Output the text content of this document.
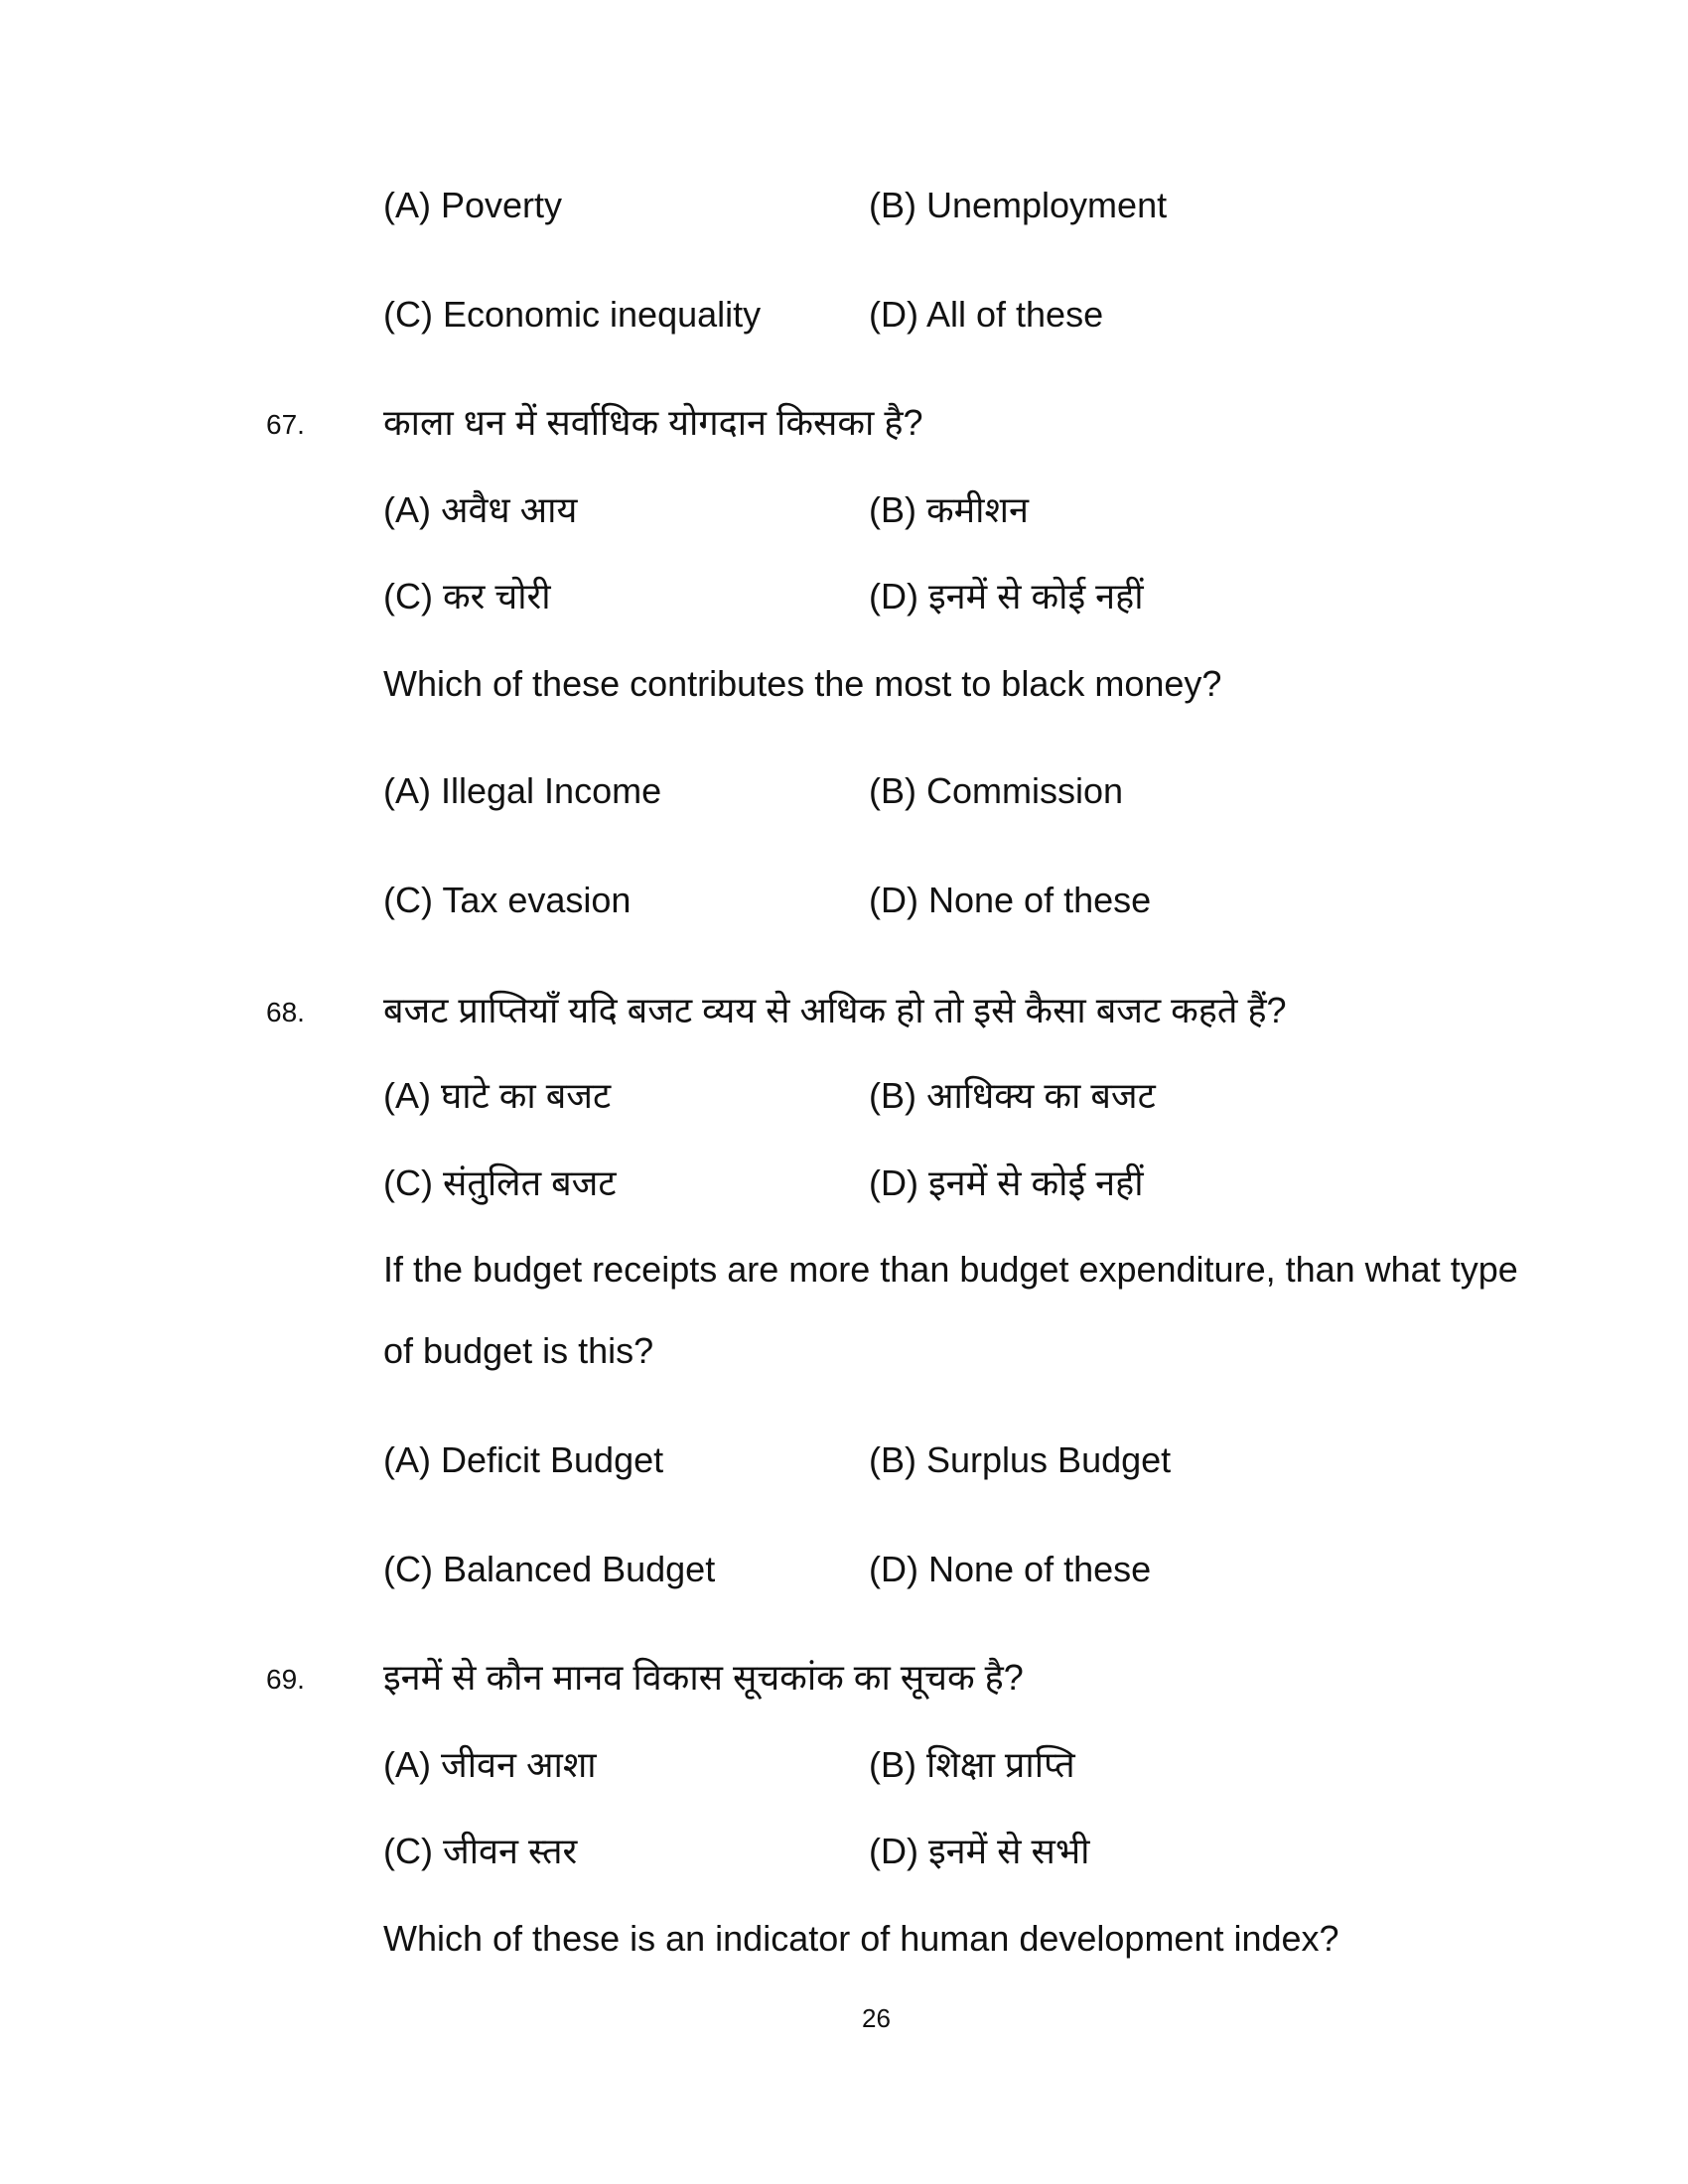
(A) Poverty	(B) Unemployment
(C) Economic inequality	(D) All of these
67. काला धन में सर्वाधिक योगदान किसका है?
(A) अवैध आय	(B) कमीशन
(C) कर चोरी	(D) इनमें से कोई नहीं
Which of these contributes the most to black money?
(A) Illegal Income	(B) Commission
(C) Tax evasion	(D) None of these
68. बजट प्राप्तियाँ यदि बजट व्यय से अधिक हो तो इसे कैसा बजट कहते हैं?
(A) घाटे का बजट	(B) आधिक्य का बजट
(C) संतुलित बजट	(D) इनमें से कोई नहीं
If the budget receipts are more than budget expenditure, than what type
of budget is this?
(A) Deficit Budget	(B) Surplus Budget
(C) Balanced Budget	(D) None of these
69. इनमें से कौन मानव विकास सूचकांक का सूचक है?
(A) जीवन आशा	(B) शिक्षा प्राप्ति
(C) जीवन स्तर	(D) इनमें से सभी
Which of these is an indicator of human development index?
26
